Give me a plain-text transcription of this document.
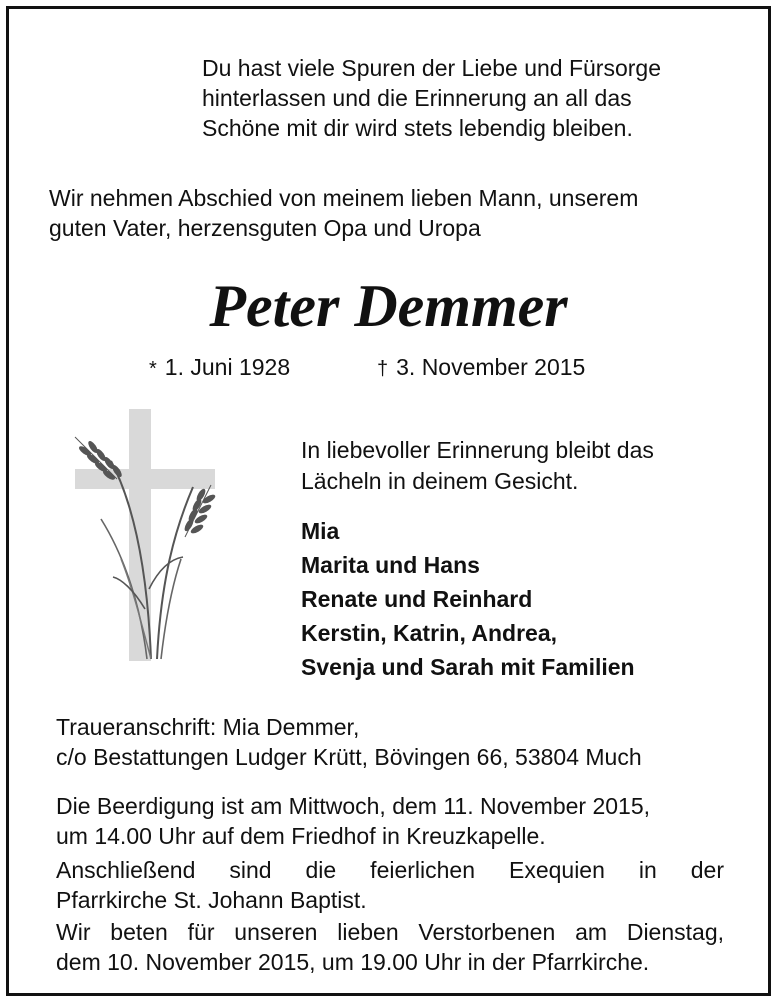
Du hast viele Spuren der Liebe und Fürsorge
hinterlassen und die Erinnerung an all das
Schöne mit dir wird stets lebendig bleiben.
Wir nehmen Abschied von meinem lieben Mann, unserem
guten Vater, herzensguten Opa und Uropa
Peter Demmer
* 1. Juni 1928	† 3. November 2015
In liebevoller Erinnerung bleibt das
Lächeln in deinem Gesicht.
Mia
Marita und Hans
Renate und Reinhard
Kerstin, Katrin, Andrea,
Svenja und Sarah mit Familien
Traueranschrift: Mia Demmer,
c/o Bestattungen Ludger Krütt, Bövingen 66, 53804 Much
Die Beerdigung ist am Mittwoch, dem 11. November 2015,
um 14.00 Uhr auf dem Friedhof in Kreuzkapelle.
Anschließend sind die feierlichen Exequien in der
Pfarrkirche St. Johann Baptist.
Wir beten für unseren lieben Verstorbenen am Dienstag,
dem 10. November 2015, um 19.00 Uhr in der Pfarrkirche.
